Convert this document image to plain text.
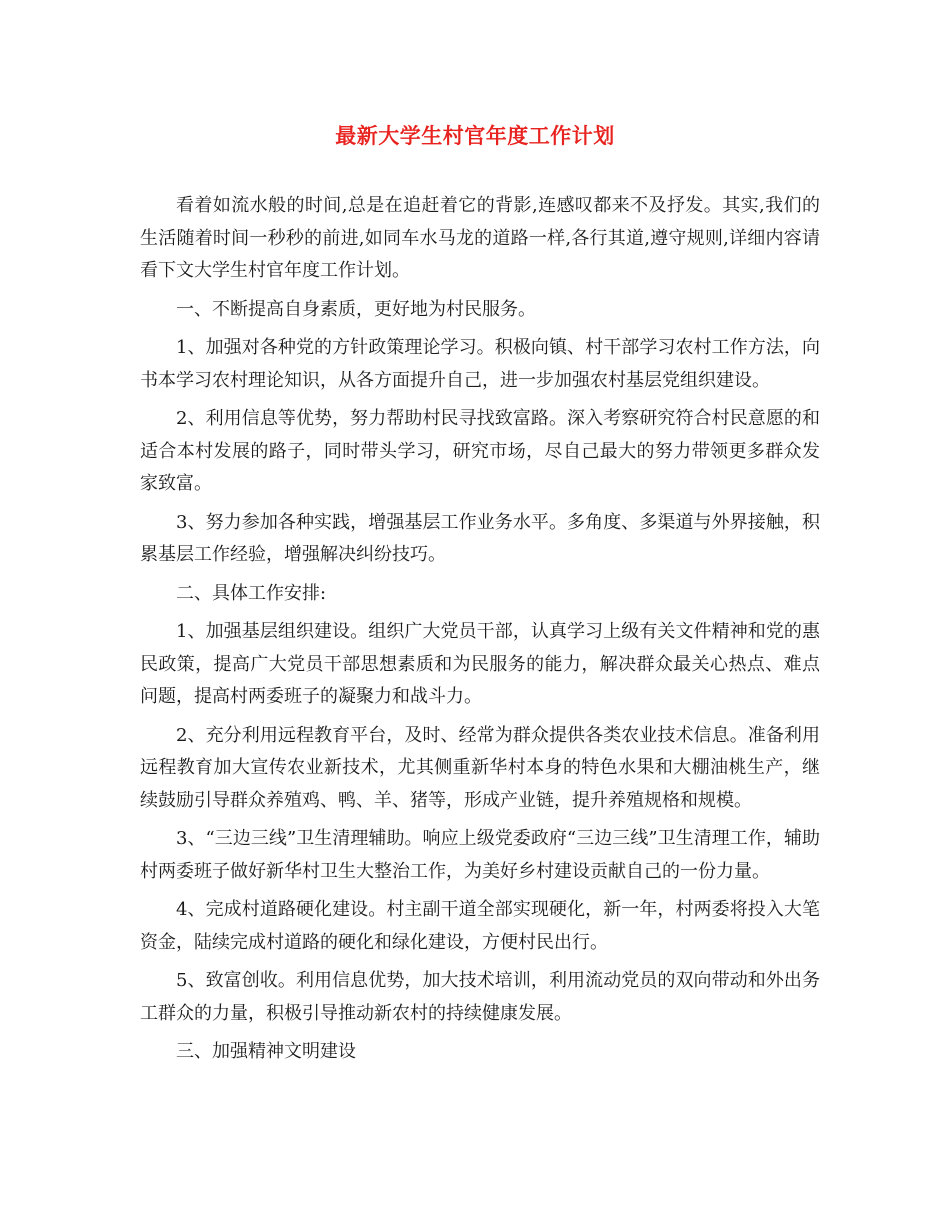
最新大学生村官年度工作计划

看着如流水般的时间,总是在追赶着它的背影,连感叹都来不及抒发。其实,我们的生活随着时间一秒秒的前进,如同车水马龙的道路一样,各行其道,遵守规则,详细内容请看下文大学生村官年度工作计划。

一、不断提高自身素质，更好地为村民服务。

1、加强对各种党的方针政策理论学习。积极向镇、村干部学习农村工作方法，向书本学习农村理论知识，从各方面提升自己，进一步加强农村基层党组织建设。

2、利用信息等优势，努力帮助村民寻找致富路。深入考察研究符合村民意愿的和适合本村发展的路子，同时带头学习，研究市场，尽自己最大的努力带领更多群众发家致富。

3、努力参加各种实践，增强基层工作业务水平。多角度、多渠道与外界接触，积累基层工作经验，增强解决纠纷技巧。

二、具体工作安排:

1、加强基层组织建设。组织广大党员干部，认真学习上级有关文件精神和党的惠民政策，提高广大党员干部思想素质和为民服务的能力，解决群众最关心热点、难点问题，提高村两委班子的凝聚力和战斗力。

2、充分利用远程教育平台，及时、经常为群众提供各类农业技术信息。准备利用远程教育加大宣传农业新技术，尤其侧重新华村本身的特色水果和大棚油桃生产，继续鼓励引导群众养殖鸡、鸭、羊、猪等，形成产业链，提升养殖规格和规模。

3、“三边三线”卫生清理辅助。响应上级党委政府“三边三线”卫生清理工作，辅助村两委班子做好新华村卫生大整治工作，为美好乡村建设贡献自己的一份力量。

4、完成村道路硬化建设。村主副干道全部实现硬化，新一年，村两委将投入大笔资金，陆续完成村道路的硬化和绿化建设，方便村民出行。

5、致富创收。利用信息优势，加大技术培训，利用流动党员的双向带动和外出务工群众的力量，积极引导推动新农村的持续健康发展。

三、加强精神文明建设
